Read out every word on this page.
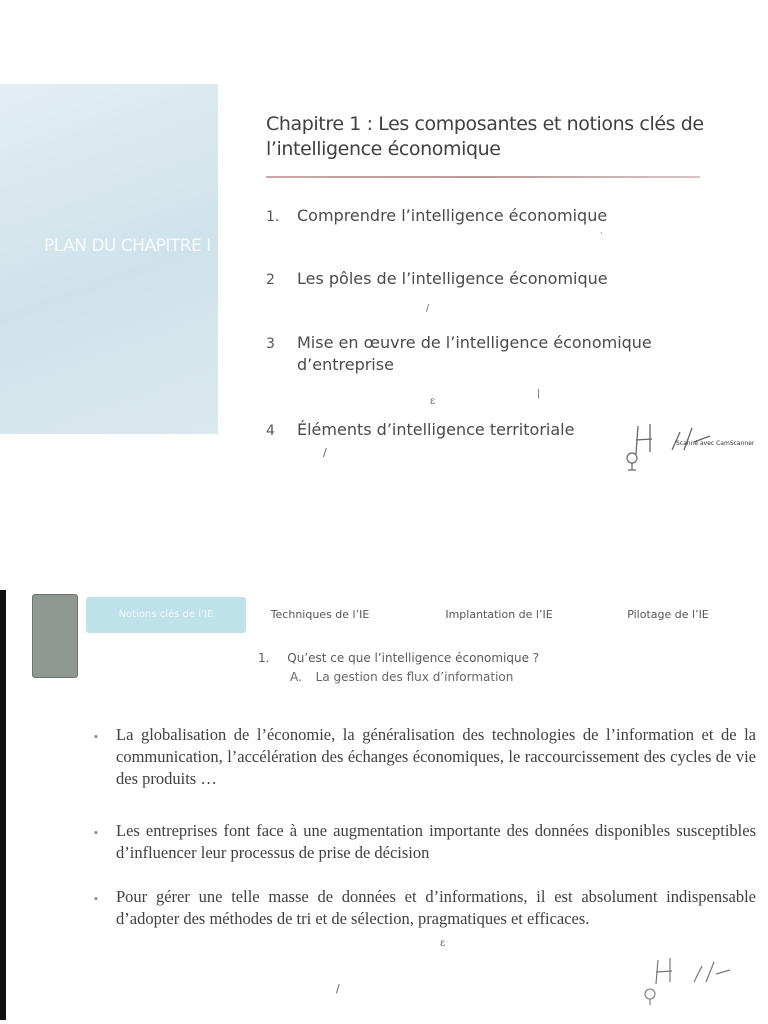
PLAN DU CHAPITRE I
Chapitre 1 : Les composantes et notions clés de l’intelligence économique
1.	Comprendre l’intelligence économique
2	Les pôles de l’intelligence économique
3	Mise en œuvre de l’intelligence économique d’entreprise
4	Éléments d’intelligence territoriale
ε
/
|
/
·
Scanné avec CamScanner
Notions clés de l’IE	Techniques de l’IE	Implantation de l’IE	Pilotage de l’IE
1. Qu’est ce que l’intelligence économique ?
A. La gestion des flux d’information
▪	La globalisation de l’économie, la généralisation des technologies de l’information et de la communication, l’accélération des échanges économiques, le raccourcissement des cycles de vie des produits …
▪	Les entreprises font face à une augmentation importante des données disponibles susceptibles d’influencer leur processus de prise de décision
▪	Pour gérer une telle masse de données et d’informations, il est absolument indispensable d’adopter des méthodes de tri et de sélection, pragmatiques et efficaces.
ε
/
